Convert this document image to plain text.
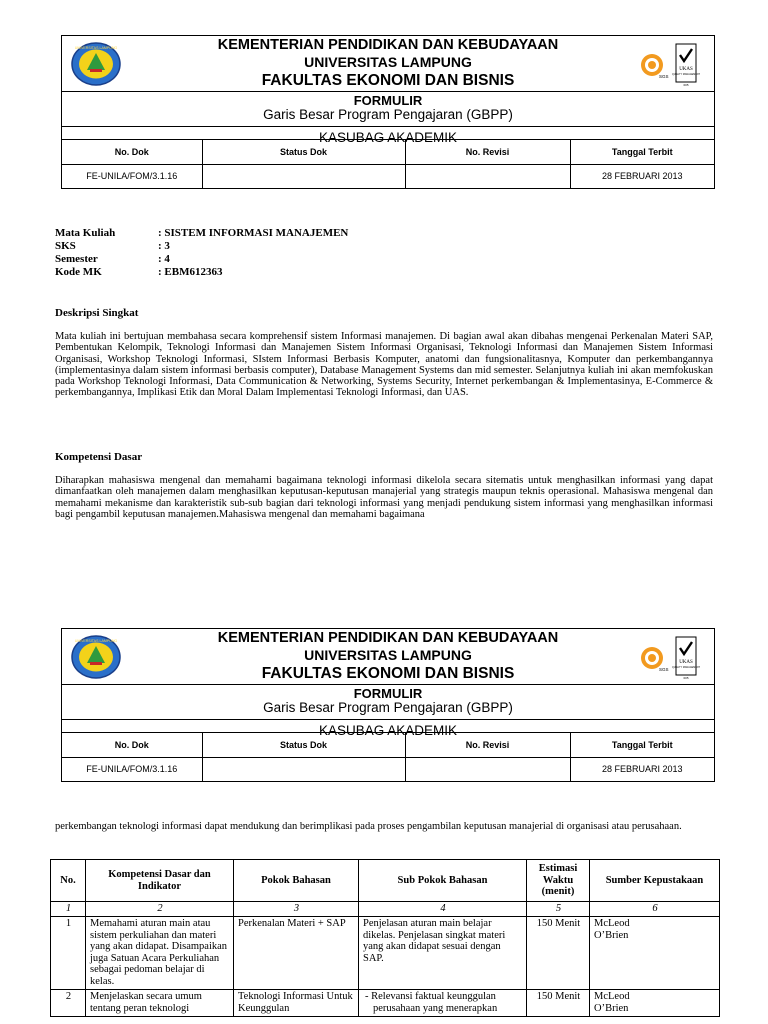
UNIVERSITAS LAMPUNG	KEMENTERIAN PENDIDIKAN DAN KEBUDAYAAN
UNIVERSITAS LAMPUNG
FAKULTAS EKONOMI DAN BISNIS	SGS
UKAS
QUALITY MANAGEMENT
005
FORMULIR
Garis Besar Program Pengajaran (GBPP)
KASUBAG AKADEMIK
No. Dok	Status Dok	No. Revisi	Tanggal Terbit
FE-UNILA/FOM/3.1.16			28 FEBRUARI 2013
Mata Kuliah	: SISTEM INFORMASI MANAJEMEN
SKS	: 3
Semester	: 4
Kode MK	: EBM612363
Deskripsi Singkat
Mata kuliah ini bertujuan membahasa secara komprehensif sistem Informasi manajemen. Di bagian awal akan dibahas mengenai Perkenalan Materi SAP, Pembentukan Kelompik, Teknologi Informasi dan Manajemen Sistem Informasi Organisasi, Teknologi Informasi dan Manajemen Sistem Informasi Organisasi, Workshop Teknologi Informasi, SIstem Informasi Berbasis Komputer, anatomi dan fungsionalitasnya, Komputer dan perkembangannya (implementasinya dalam sistem informasi berbasis computer), Database Management Systems dan mid semester. Selanjutnya kuliah ini akan memfokuskan pada Workshop Teknologi Informasi, Data Communication & Networking, Systems Security, Internet perkembangan & Implementasinya, E-Commerce & perkembangannya, Implikasi Etik dan Moral Dalam Implementasi Teknologi Informasi, dan UAS.
Kompetensi Dasar
Diharapkan mahasiswa mengenal dan memahami bagaimana teknologi informasi dikelola secara sitematis untuk menghasilkan informasi yang dapat dimanfaatkan oleh manajemen dalam menghasilkan keputusan-keputusan manajerial yang strategis maupun teknis operasional. Mahasiswa mengenal dan memahami mekanisme dan karakteristik sub-sub bagian dari teknologi informasi yang menjadi pendukung sistem informasi yang menghasilkan informasi bagi pengambil keputusan manajemen.Mahasiswa mengenal dan memahami bagaimana
UNIVERSITAS LAMPUNG	KEMENTERIAN PENDIDIKAN DAN KEBUDAYAAN
UNIVERSITAS LAMPUNG
FAKULTAS EKONOMI DAN BISNIS	SGS
UKAS
QUALITY MANAGEMENT
005
FORMULIR
Garis Besar Program Pengajaran (GBPP)
KASUBAG AKADEMIK
No. Dok	Status Dok	No. Revisi	Tanggal Terbit
FE-UNILA/FOM/3.1.16			28 FEBRUARI 2013
perkembangan teknologi informasi dapat mendukung dan berimplikasi pada proses pengambilan keputusan manajerial di organisasi atau perusahaan.
No.	Kompetensi Dasar dan Indikator	Pokok Bahasan	Sub Pokok Bahasan	Estimasi Waktu (menit)	Sumber Kepustakaan
1	2	3	4	5	6
1	Memahami aturan main atau sistem perkuliahan dan materi yang akan didapat. Disampaikan juga Satuan Acara Perkuliahan sebagai pedoman belajar di kelas.	Perkenalan Materi + SAP	Penjelasan aturan main belajar dikelas. Penjelasan singkat materi yang akan didapat sesuai dengan SAP.	150 Menit	McLeod
O’Brien

2	Menjelaskan secara umum tentang peran teknologi	Teknologi Informasi Untuk Keunggulan	- Relevansi faktual keunggulan perusahaan yang menerapkan	150 Menit	McLeod
O’Brien
